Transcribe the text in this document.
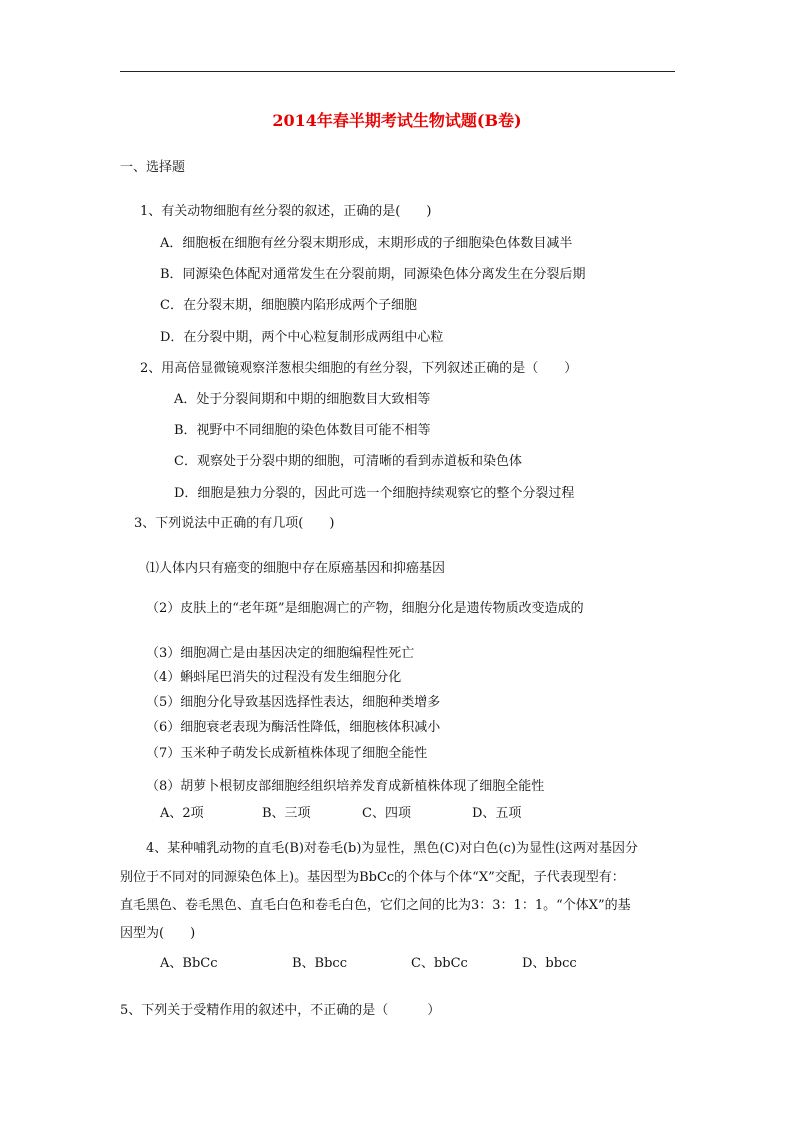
2014年春半期考试生物试题(B卷)
一、选择题
1、有关动物细胞有丝分裂的叙述，正确的是(　　)
A．细胞板在细胞有丝分裂末期形成，末期形成的子细胞染色体数目减半
B．同源染色体配对通常发生在分裂前期，同源染色体分离发生在分裂后期
C．在分裂末期，细胞膜内陷形成两个子细胞
D．在分裂中期，两个中心粒复制形成两组中心粒
2、用高倍显微镜观察洋葱根尖细胞的有丝分裂，下列叙述正确的是（　　）
A．处于分裂间期和中期的细胞数目大致相等
B．视野中不同细胞的染色体数目可能不相等
C．观察处于分裂中期的细胞，可清晰的看到赤道板和染色体
D．细胞是独力分裂的，因此可选一个细胞持续观察它的整个分裂过程
3、下列说法中正确的有几项(　　)
⑴人体内只有癌变的细胞中存在原癌基因和抑癌基因
（2）皮肤上的“老年斑”是细胞凋亡的产物，细胞分化是遗传物质改变造成的
（3）细胞凋亡是由基因决定的细胞编程性死亡
（4）蝌蚪尾巴消失的过程没有发生细胞分化
（5）细胞分化导致基因选择性表达，细胞种类增多
（6）细胞衰老表现为酶活性降低，细胞核体积减小
（7）玉米种子萌发长成新植株体现了细胞全能性
（8）胡萝卜根韧皮部细胞经组织培养发育成新植株体现了细胞全能性
A、2项	B、三项	C、四项	D、五项
4、某种哺乳动物的直毛(B)对卷毛(b)为显性，黑色(C)对白色(c)为显性(这两对基因分
别位于不同对的同源染色体上)。基因型为BbCc的个体与个体“X”交配，子代表现型有：
直毛黑色、卷毛黑色、直毛白色和卷毛白色，它们之间的比为3：3：1：1。“个体X”的基
因型为(　　)
A、BbCc	B、Bbcc	C、bbCc	D、bbcc
5、下列关于受精作用的叙述中，不正确的是（　　　）
